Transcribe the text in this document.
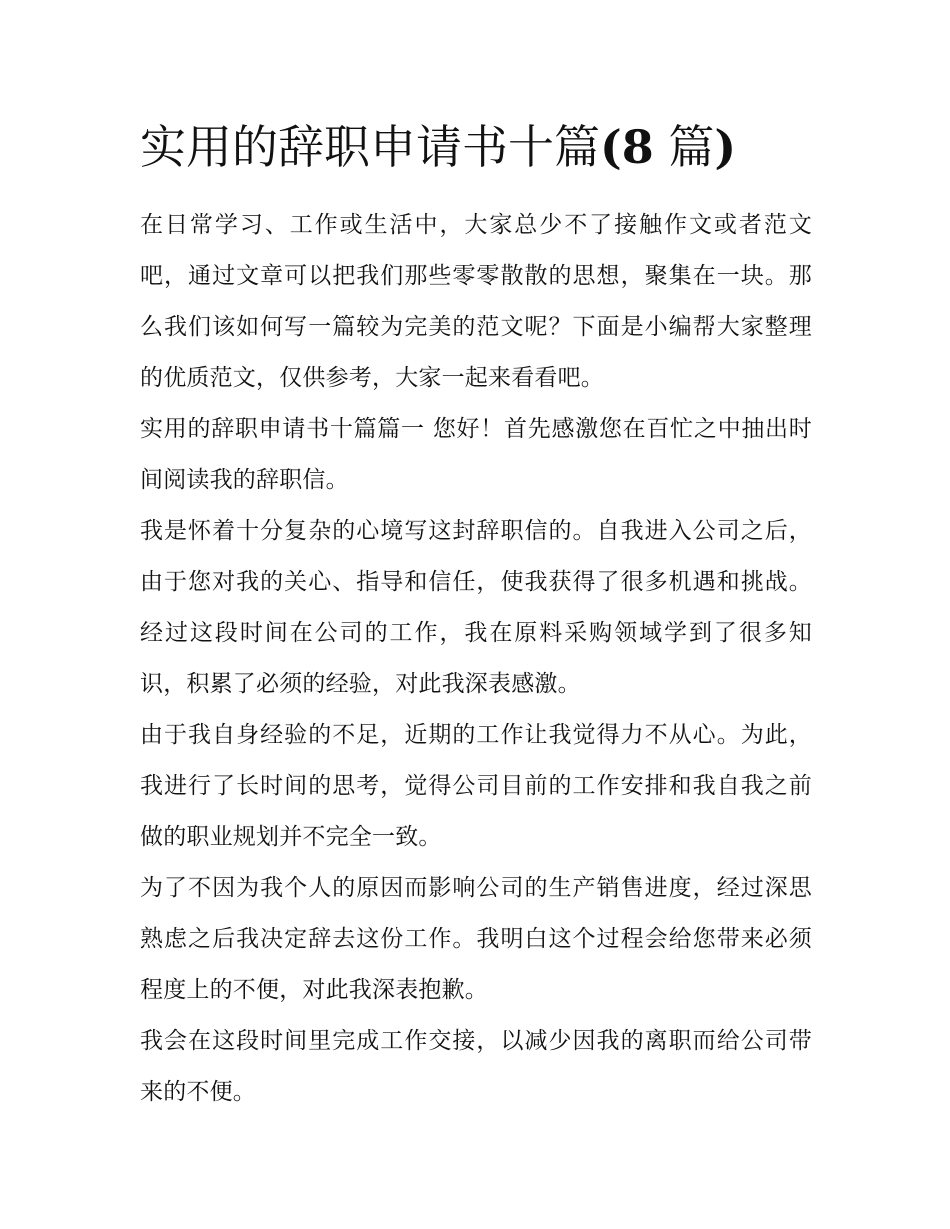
实用的辞职申请书十篇(8 篇)

在日常学习、工作或生活中，大家总少不了接触作文或者范文吧，通过文章可以把我们那些零零散散的思想，聚集在一块。那么我们该如何写一篇较为完美的范文呢？下面是小编帮大家整理的优质范文，仅供参考，大家一起来看看吧。

实用的辞职申请书十篇篇一 您好！首先感激您在百忙之中抽出时间阅读我的辞职信。

我是怀着十分复杂的心境写这封辞职信的。自我进入公司之后，由于您对我的关心、指导和信任，使我获得了很多机遇和挑战。经过这段时间在公司的工作，我在原料采购领域学到了很多知识，积累了必须的经验，对此我深表感激。

由于我自身经验的不足，近期的工作让我觉得力不从心。为此，我进行了长时间的思考，觉得公司目前的工作安排和我自我之前做的职业规划并不完全一致。

为了不因为我个人的原因而影响公司的生产销售进度，经过深思熟虑之后我决定辞去这份工作。我明白这个过程会给您带来必须程度上的不便，对此我深表抱歉。

我会在这段时间里完成工作交接，以减少因我的离职而给公司带来的不便。
